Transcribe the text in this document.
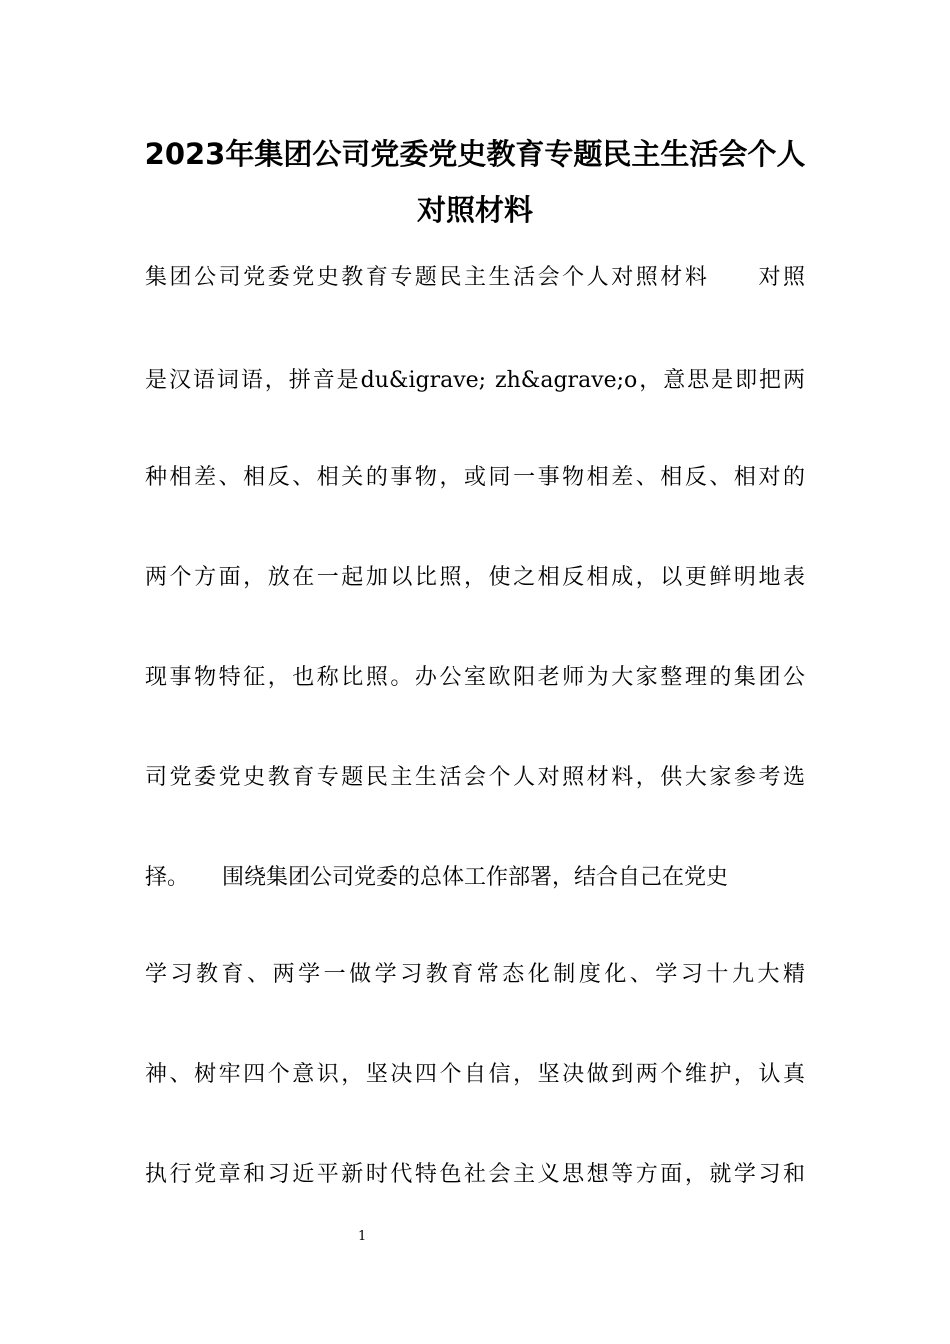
2023年集团公司党委党史教育专题民主生活会个人
对照材料

集团公司党委党史教育专题民主生活会个人对照材料　　对照

是汉语词语，拼音是du&igrave; zh&agrave;o，意思是即把两

种相差、相反、相关的事物，或同一事物相差、相反、相对的

两个方面，放在一起加以比照，使之相反相成，以更鲜明地表

现事物特征，也称比照。办公室欧阳老师为大家整理的集团公

司党委党史教育专题民主生活会个人对照材料，供大家参考选

择。　　围绕集团公司党委的总体工作部署，结合自己在党史

学习教育、两学一做学习教育常态化制度化、学习十九大精

神、树牢四个意识，坚决四个自信，坚决做到两个维护，认真

执行党章和习近平新时代特色社会主义思想等方面，就学习和

1
